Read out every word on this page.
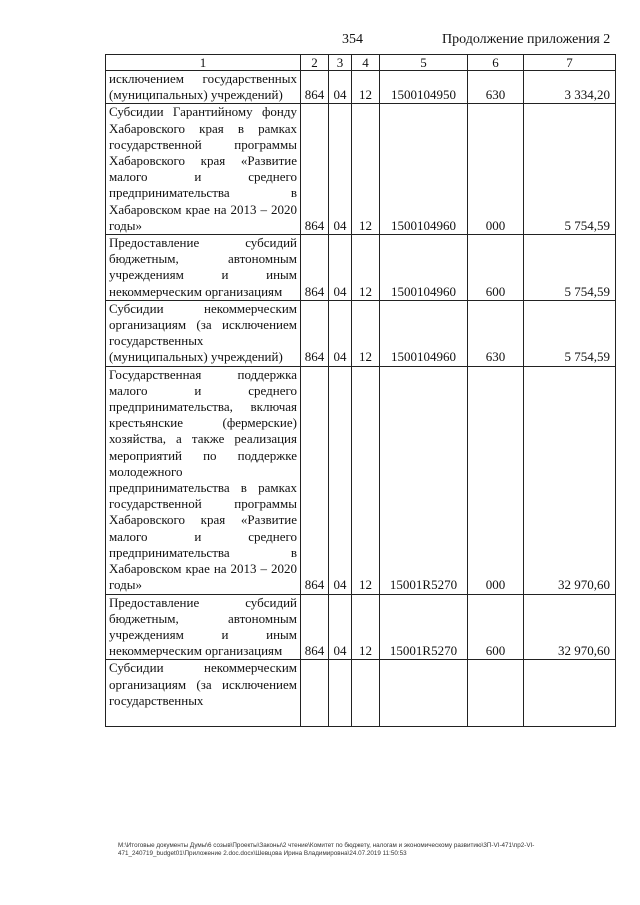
354	Продолжение приложения 2
1	2	3	4	5	6	7
исключением государственных (муниципальных) учреждений)	864	04	12	1500104950	630	3 334,20
Субсидии Гарантийному фонду Хабаровского края в рамках государственной программы Хабаровского края «Развитие малого и среднего предпринимательства в Хабаровском крае на 2013 – 2020 годы»	864	04	12	1500104960	000	5 754,59
Предоставление субсидий бюджетным, автономным учреждениям и иным некоммерческим организациям	864	04	12	1500104960	600	5 754,59
Субсидии некоммерческим организациям (за исключением государственных (муниципальных) учреждений)	864	04	12	1500104960	630	5 754,59
Государственная поддержка малого и среднего предпринимательства, включая крестьянские (фермерские) хозяйства, а также реализация мероприятий по поддержке молодежного предпринимательства в рамках государственной программы Хабаровского края «Развитие малого и среднего предпринимательства в Хабаровском крае на 2013 – 2020 годы»	864	04	12	15001R5270	000	32 970,60
Предоставление субсидий бюджетным, автономным учреждениям и иным некоммерческим организациям	864	04	12	15001R5270	600	32 970,60
Субсидии некоммерческим организациям (за исключением государственных						
M:\Итоговые документы Думы\6 созыв\Проекты\Законы\2 чтение\Комитет по бюджету, налогам и экономическому развитию\3П-VI-471\пр2-VI-471_240719_budget01\Приложение 2.doc.docx\Шевцова Ирина Владимировна\24.07.2019 11:50:53
